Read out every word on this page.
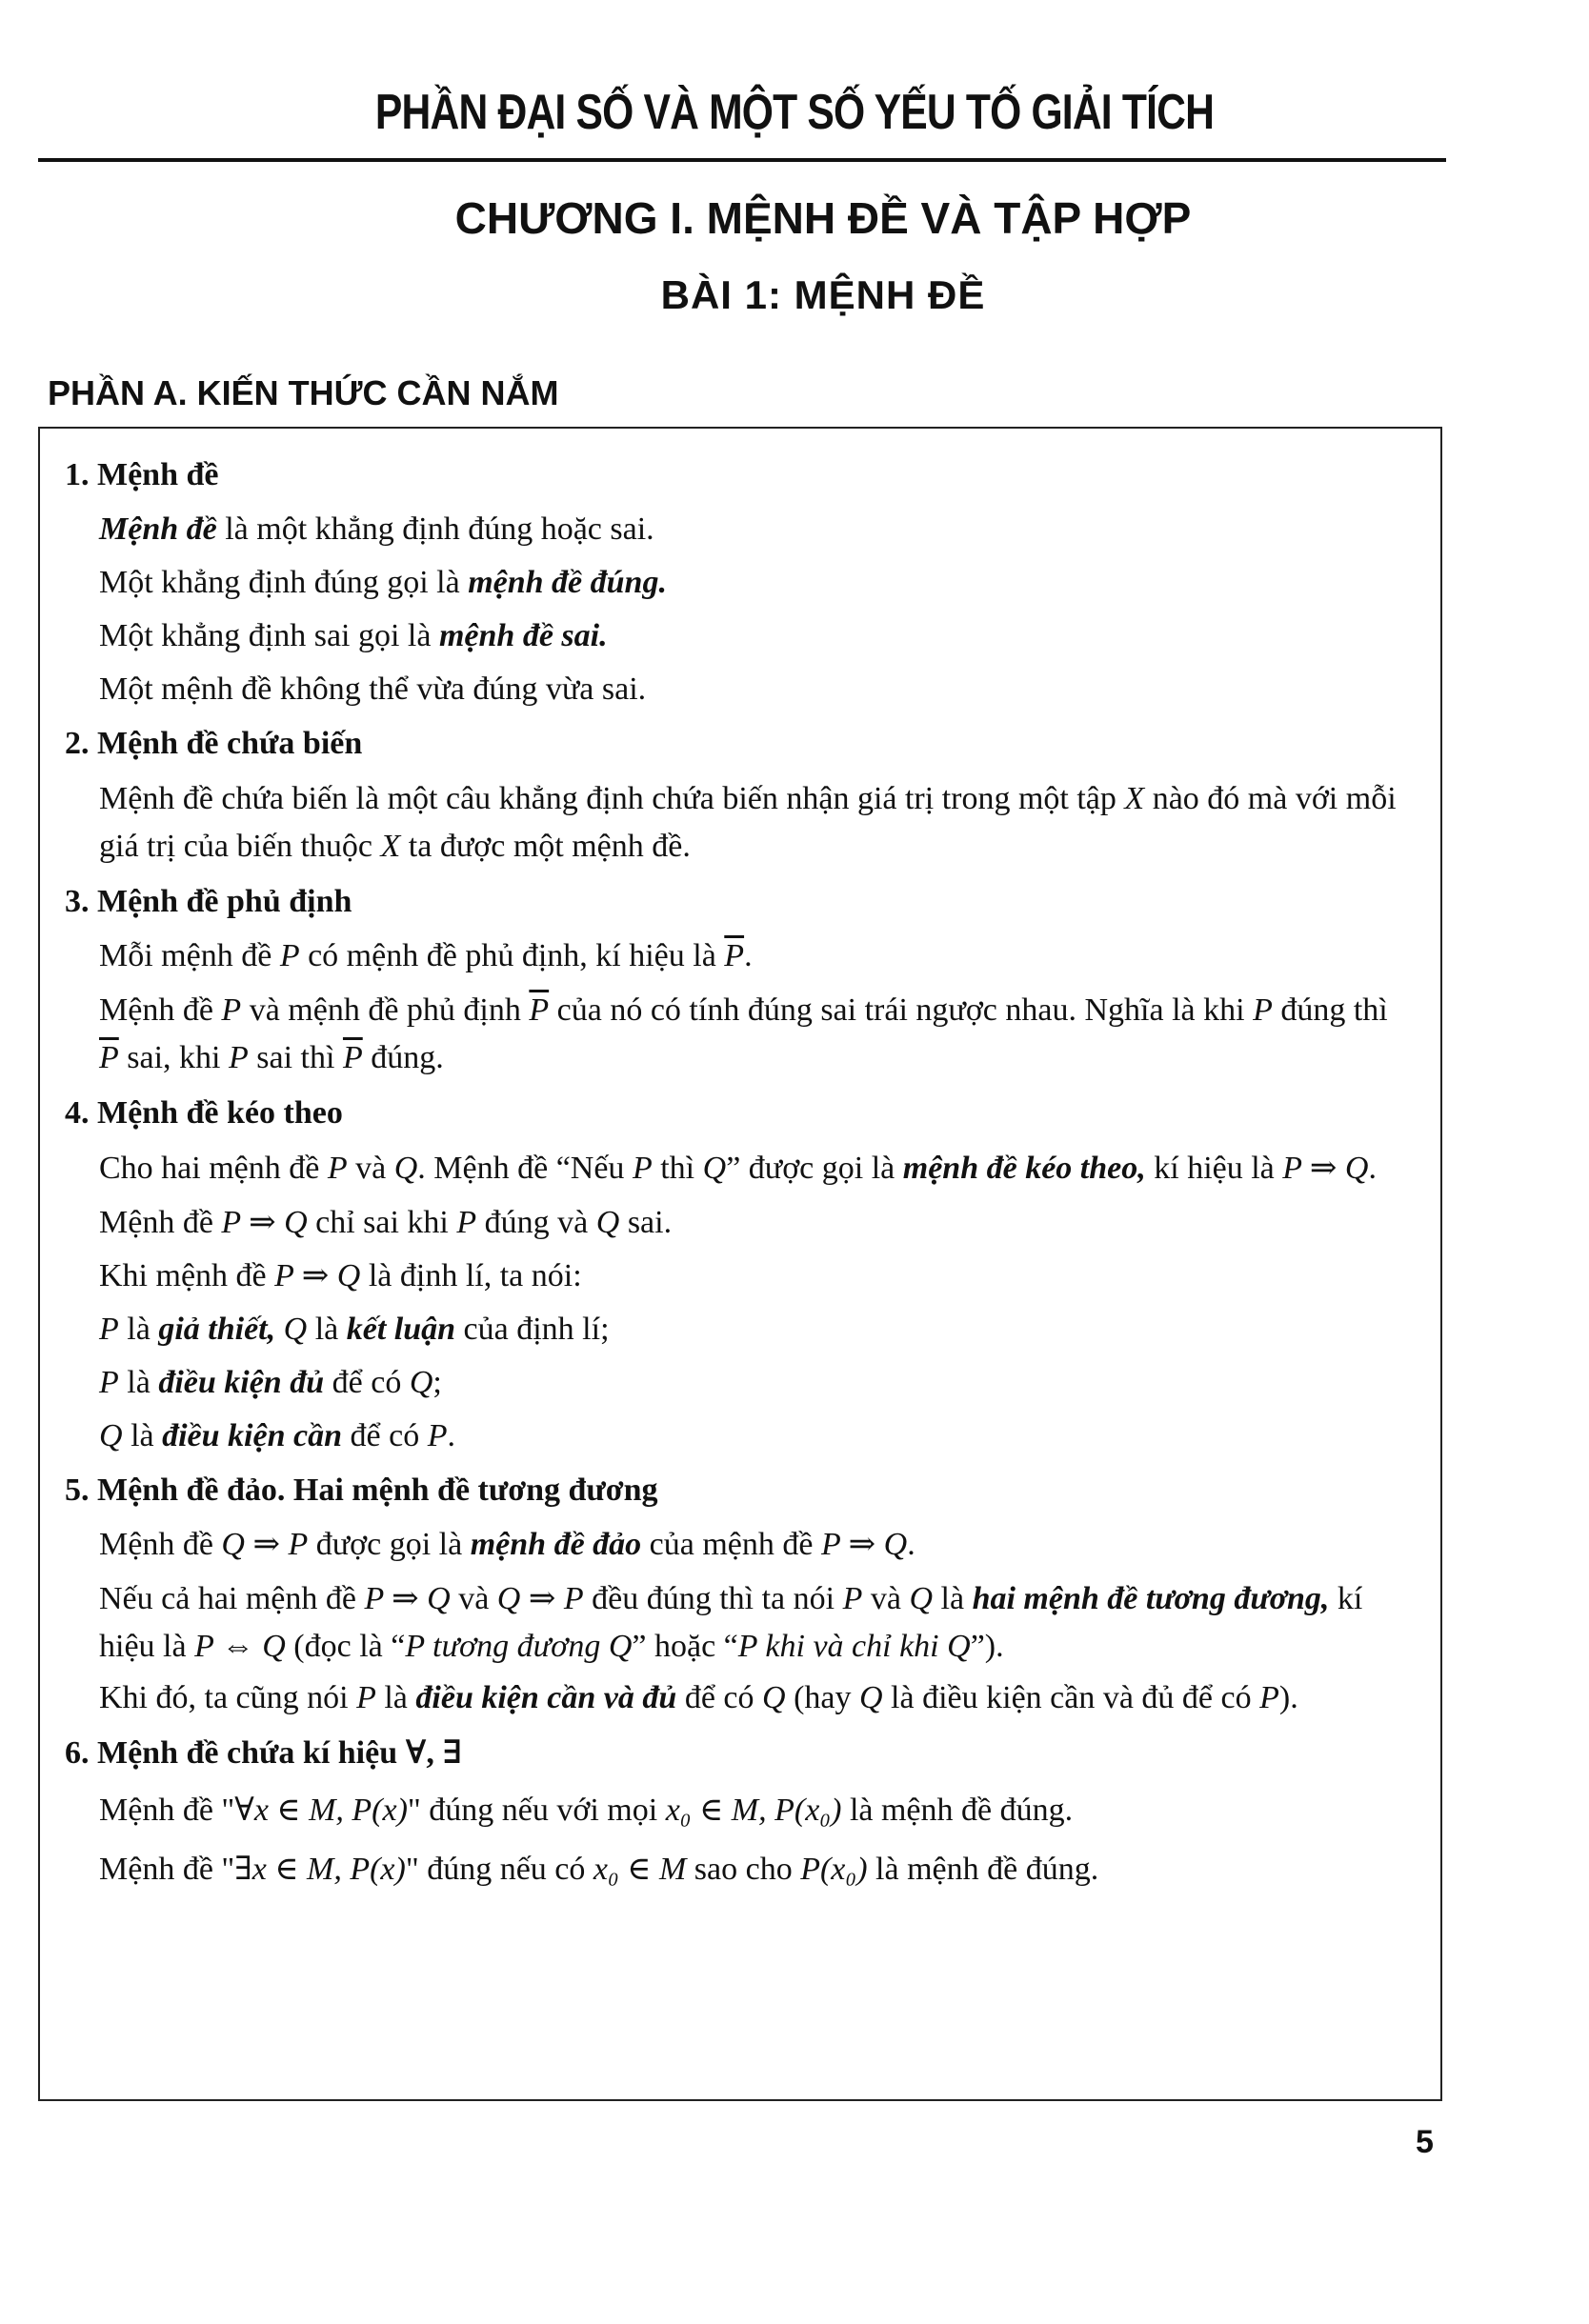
PHẦN ĐẠI SỐ VÀ MỘT SỐ YẾU TỐ GIẢI TÍCH
CHƯƠNG I. MỆNH ĐỀ VÀ TẬP HỢP
BÀI 1: MỆNH ĐỀ
PHẦN A. KIẾN THỨC CẦN NẮM
1. Mệnh đề
Mệnh đề là một khẳng định đúng hoặc sai.
Một khẳng định đúng gọi là mệnh đề đúng.
Một khẳng định sai gọi là mệnh đề sai.
Một mệnh đề không thể vừa đúng vừa sai.
2. Mệnh đề chứa biến
Mệnh đề chứa biến là một câu khẳng định chứa biến nhận giá trị trong một tập X nào đó mà với mỗi giá trị của biến thuộc X ta được một mệnh đề.
3. Mệnh đề phủ định
Mỗi mệnh đề P có mệnh đề phủ định, kí hiệu là $\overline{P}$.
Mệnh đề P và mệnh đề phủ định $\overline{P}$ của nó có tính đúng sai trái ngược nhau. Nghĩa là khi P đúng thì $\overline{P}$ sai, khi P sai thì $\overline{P}$ đúng.
4. Mệnh đề kéo theo
Cho hai mệnh đề P và Q. Mệnh đề “Nếu P thì Q” được gọi là mệnh đề kéo theo, kí hiệu là P ⇒ Q.
Mệnh đề P ⇒ Q chỉ sai khi P đúng và Q sai.
Khi mệnh đề P ⇒ Q là định lí, ta nói:
P là giả thiết, Q là kết luận của định lí;
P là điều kiện đủ để có Q;
Q là điều kiện cần để có P.
5. Mệnh đề đảo. Hai mệnh đề tương đương
Mệnh đề Q ⇒ P được gọi là mệnh đề đảo của mệnh đề P ⇒ Q.
Nếu cả hai mệnh đề P ⇒ Q và Q ⇒ P đều đúng thì ta nói P và Q là hai mệnh đề tương đương, kí hiệu là P ⇔ Q (đọc là “P tương đương Q” hoặc “P khi và chỉ khi Q”).
Khi đó, ta cũng nói P là điều kiện cần và đủ để có Q (hay Q là điều kiện cần và đủ để có P).
6. Mệnh đề chứa kí hiệu ∀, ∃
Mệnh đề "∀x ∈ M, P(x)" đúng nếu với mọi x₀ ∈ M, P(x₀) là mệnh đề đúng.
Mệnh đề "∃x ∈ M, P(x)" đúng nếu có x₀ ∈ M sao cho P(x₀) là mệnh đề đúng.
5
